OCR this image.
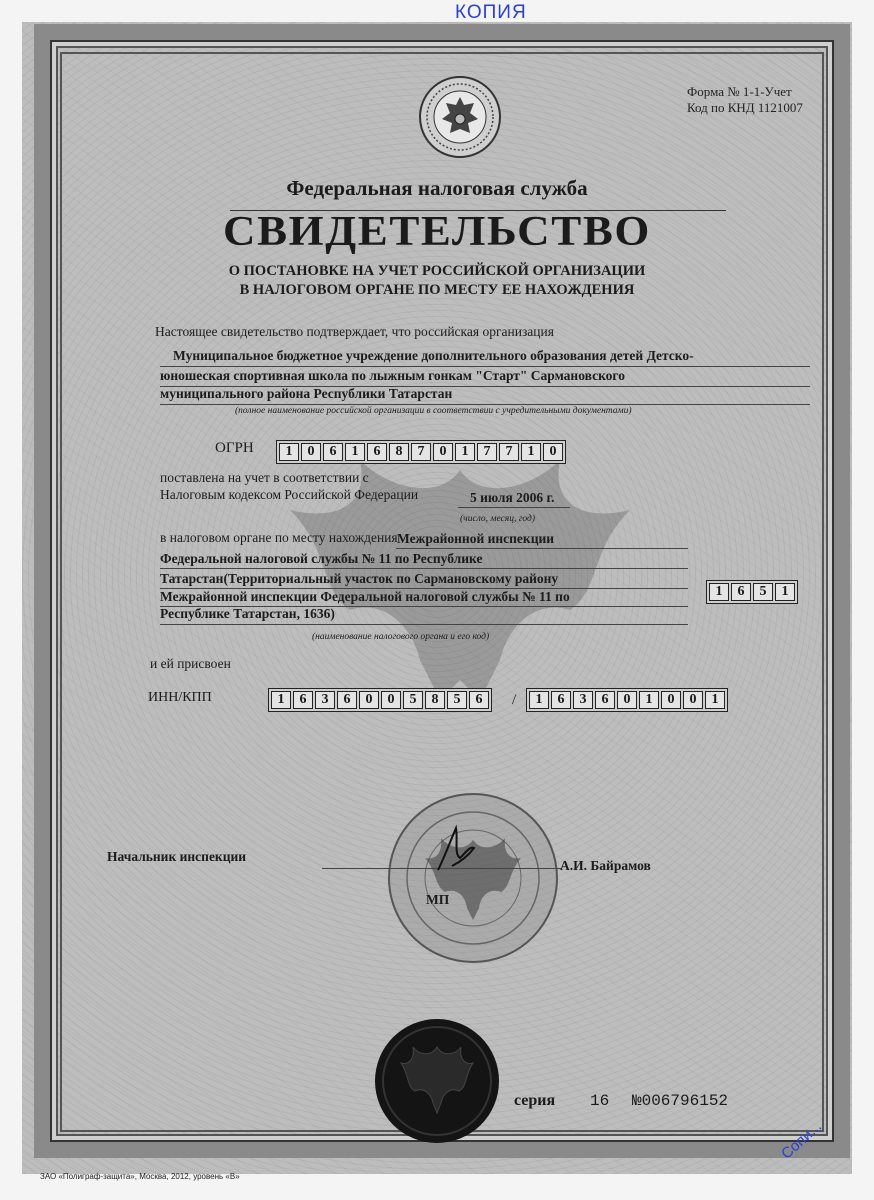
КОПИЯ
Форма № 1-1-Учет
Код по КНД 1121007
Федеральная налоговая служба
СВИДЕТЕЛЬСТВО
О ПОСТАНОВКЕ НА УЧЕТ РОССИЙСКОЙ ОРГАНИЗАЦИИ
В НАЛОГОВОМ ОРГАНЕ ПО МЕСТУ ЕЕ НАХОЖДЕНИЯ
Настоящее свидетельство подтверждает, что российская организация
Муниципальное бюджетное учреждение дополнительного образования детей Детско-
юношеская спортивная школа по лыжным гонкам "Старт" Сармановского
муниципального района Республики Татарстан
(полное наименование российской организации в соответствии с учредительными документами)
ОГРН	1	0	6	1	6	8	7	0	1	7	7	1	0
поставлена на учет в соответствии с
Налоговым кодексом Российской Федерации	5 июля 2006 г.
(число, месяц, год)
в налоговом органе по месту нахождения Межрайонной инспекции
Федеральной налоговой службы № 11 по Республике
Татарстан(Территориальный участок по Сармановскому району
Межрайонной инспекции Федеральной налоговой службы № 11 по
Республике Татарстан, 1636)
1	6	5	1
(наименование налогового органа и его код)
и ей присвоен
ИНН/КПП	1	6	3	6	0	0	5	8	5	6	/	1	6	3	6	0	1	0	0	1
Начальник инспекции
А.И. Байрамов
МП
серия 16 №006796152
ЗАО «Полиграф-защита», Москва, 2012, уровень «В»
Сопи...
